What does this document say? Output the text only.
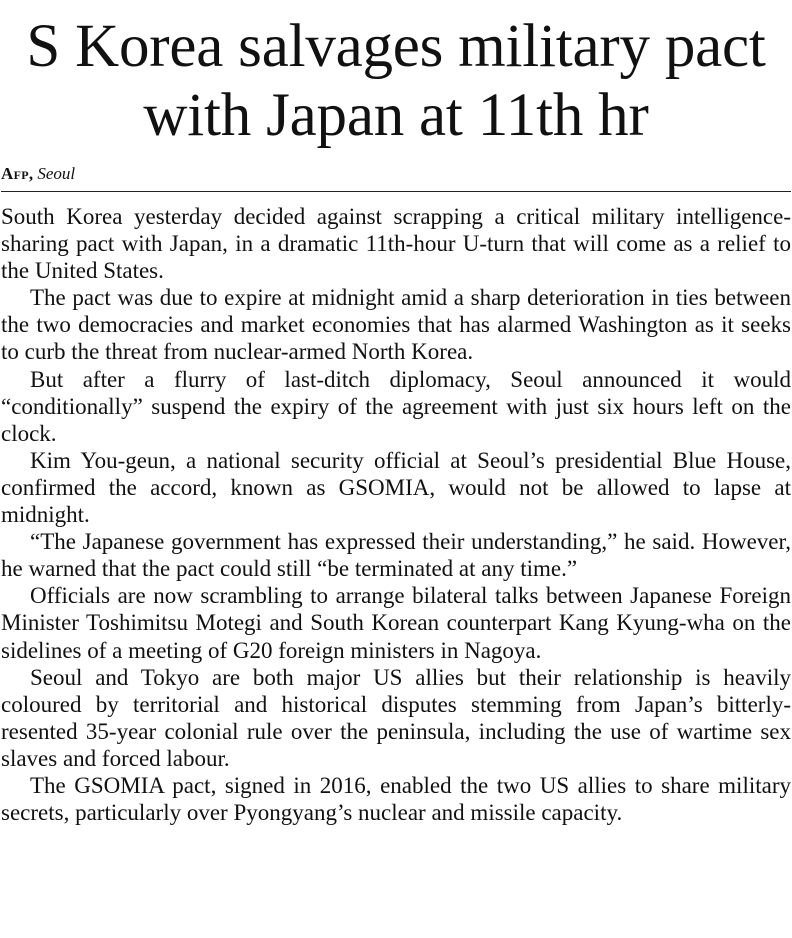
S Korea salvages military pact with Japan at 11th hr
Afp, Seoul

South Korea yesterday decided against scrapping a critical military intelligence-sharing pact with Japan, in a dramatic 11th-hour U-turn that will come as a relief to the United States.

The pact was due to expire at midnight amid a sharp deterioration in ties between the two democracies and market economies that has alarmed Washington as it seeks to curb the threat from nuclear-armed North Korea.

But after a flurry of last-ditch diplomacy, Seoul announced it would “conditionally” suspend the expiry of the agreement with just six hours left on the clock.

Kim You-geun, a national security official at Seoul’s presidential Blue House, confirmed the accord, known as GSOMIA, would not be allowed to lapse at midnight.

“The Japanese government has expressed their understanding,” he said. However, he warned that the pact could still “be terminated at any time.”

Officials are now scrambling to arrange bilateral talks between Japanese Foreign Minister Toshimitsu Motegi and South Korean counterpart Kang Kyung-wha on the sidelines of a meeting of G20 foreign ministers in Nagoya.

Seoul and Tokyo are both major US allies but their relationship is heavily coloured by territorial and historical disputes stemming from Japan’s bitterly-resented 35-year colonial rule over the peninsula, including the use of wartime sex slaves and forced labour.

The GSOMIA pact, signed in 2016, enabled the two US allies to share military secrets, particularly over Pyongyang’s nuclear and missile capacity.
